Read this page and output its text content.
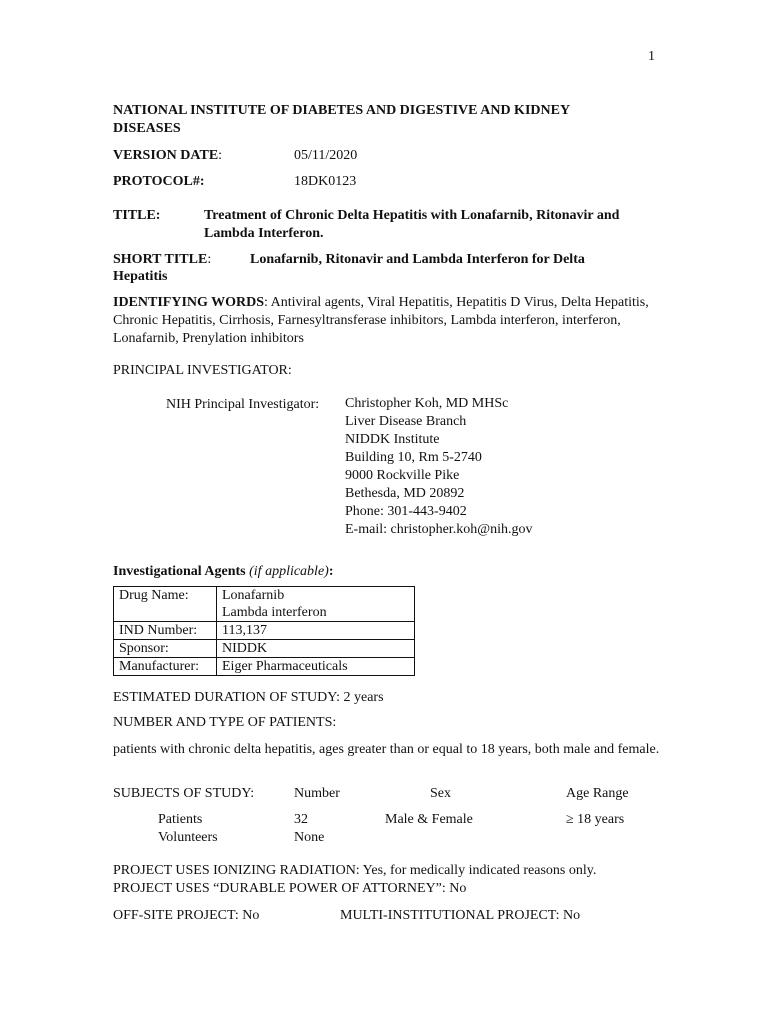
1
NATIONAL INSTITUTE OF DIABETES AND DIGESTIVE AND KIDNEY DISEASES
VERSION DATE:	05/11/2020
PROTOCOL#:	18DK0123
TITLE:	Treatment of Chronic Delta Hepatitis with Lonafarnib, Ritonavir and
Lambda Interferon.
SHORT TITLE:	Lonafarnib, Ritonavir and Lambda Interferon for Delta
Hepatitis
IDENTIFYING WORDS: Antiviral agents, Viral Hepatitis, Hepatitis D Virus, Delta Hepatitis, Chronic Hepatitis, Cirrhosis, Farnesyltransferase inhibitors, Lambda interferon, interferon, Lonafarnib, Prenylation inhibitors
PRINCIPAL INVESTIGATOR:
NIH Principal Investigator: Christopher Koh, MD MHSc
Liver Disease Branch
NIDDK Institute
Building 10, Rm 5-2740
9000 Rockville Pike
Bethesda, MD 20892
Phone: 301-443-9402
E-mail: christopher.koh@nih.gov
Investigational Agents (if applicable):
Drug Name:	Lonafarnib
Lambda interferon

IND Number:	113,137
Sponsor:	NIDDK
Manufacturer:	Eiger Pharmaceuticals
ESTIMATED DURATION OF STUDY: 2 years
NUMBER AND TYPE OF PATIENTS:
patients with chronic delta hepatitis, ages greater than or equal to 18 years, both male and female.
SUBJECTS OF STUDY:	Number	Sex	Age Range
Patients	32	Male & Female	≥ 18 years
Volunteers	None
PROJECT USES IONIZING RADIATION: Yes, for medically indicated reasons only.
PROJECT USES “DURABLE POWER OF ATTORNEY”: No
OFF-SITE PROJECT: No	MULTI-INSTITUTIONAL PROJECT: No
